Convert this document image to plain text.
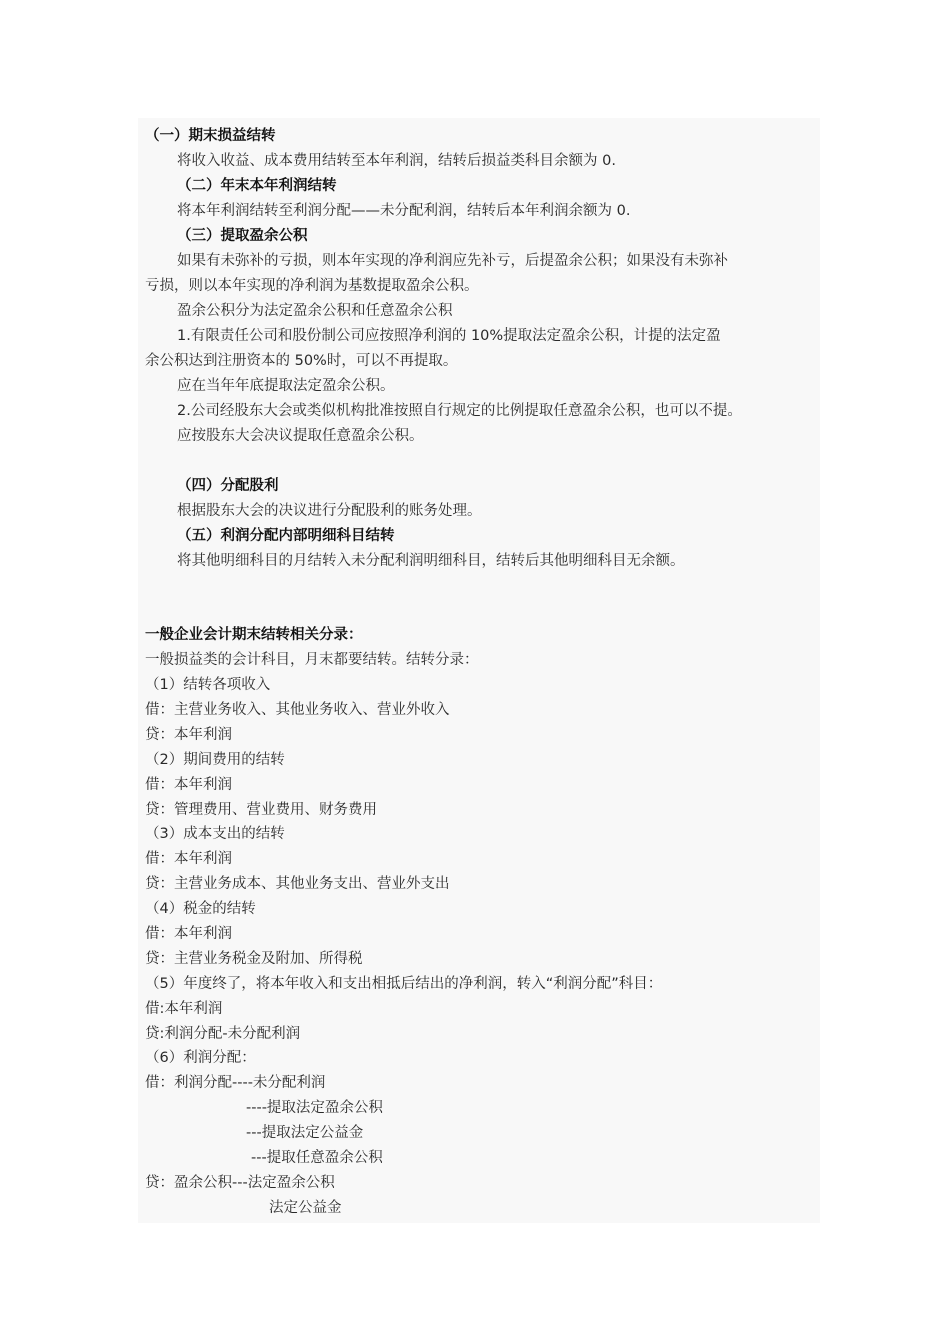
（一）期末损益结转
将收入收益、成本费用结转至本年利润，结转后损益类科目余额为 0.
（二）年末本年利润结转
将本年利润结转至利润分配——未分配利润，结转后本年利润余额为 0.
（三）提取盈余公积
如果有未弥补的亏损，则本年实现的净利润应先补亏，后提盈余公积；如果没有未弥补
亏损，则以本年实现的净利润为基数提取盈余公积。
盈余公积分为法定盈余公积和任意盈余公积
1.有限责任公司和股份制公司应按照净利润的 10%提取法定盈余公积，计提的法定盈
余公积达到注册资本的 50%时，可以不再提取。
应在当年年底提取法定盈余公积。
2.公司经股东大会或类似机构批准按照自行规定的比例提取任意盈余公积，也可以不提。
应按股东大会决议提取任意盈余公积。
（四）分配股利
根据股东大会的决议进行分配股利的账务处理。
（五）利润分配内部明细科目结转
将其他明细科目的月结转入未分配利润明细科目，结转后其他明细科目无余额。
一般企业会计期末结转相关分录：
一般损益类的会计科目，月末都要结转。结转分录：
（1）结转各项收入
借：主营业务收入、其他业务收入、营业外收入
贷：本年利润
（2）期间费用的结转
借：本年利润
贷：管理费用、营业费用、财务费用
（3）成本支出的结转
借：本年利润
贷：主营业务成本、其他业务支出、营业外支出
（4）税金的结转
借：本年利润
贷：主营业务税金及附加、所得税
（5）年度终了，将本年收入和支出相抵后结出的净利润，转入“利润分配”科目：
借:本年利润
贷:利润分配-未分配利润
（6）利润分配：
借：利润分配----未分配利润
----提取法定盈余公积
---提取法定公益金
---提取任意盈余公积
贷：盈余公积---法定盈余公积
法定公益金
